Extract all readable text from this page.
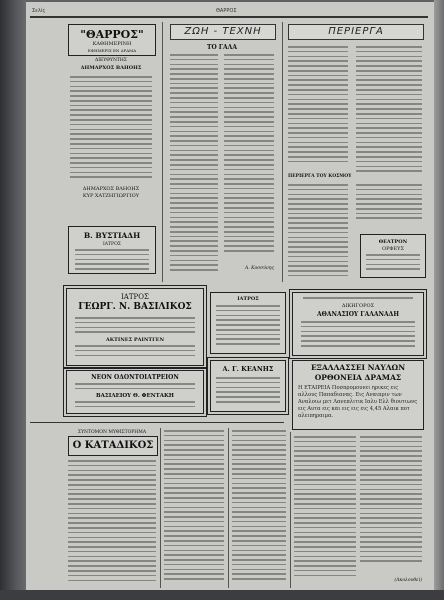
Σελίς	ΘΑΡΡΟΣ
"ΘΑΡΡΟΣ"
ΚΑΘΗΜΕΡΙΝΗ
ΕΦΗΜΕΡΙΣ ΕΝ ΔΡΑΜΑ
ΔΙΕΥΘΥΝΤΗΣ
ΔΗΜΑΡΧΟΣ ΒΛΗΟΗΣ
ΔΗΜΑΡΧΟΣ ΒΛΗΟΗΣ
ΚΥΡ ΧΑΤΖΗΓΙΩΡΓΙΟΥ
Β. ΒΥΣΤΙΑΔΗ
ΙΑΤΡΟΣ
ΖΩΗ - ΤΕΧΝΗ
ΤΟ ΓΑΛΑ
Α. Κοσσύνης
ΠΕΡΙΕΡΓΑ
ΠΕΡΙΕΡΓΑ ΤΟΥ ΚΟΣΜΟΥ
ΘΕΑΤΡΟΝ
ΟΡΦΕΥΣ
ΙΑΤΡΟΣ
ΓΕΩΡΓ. Ν. ΒΑΣΙΛΙΚΟΣ
ΑΚΤΙΝΕΣ ΡΑΙΝΤΓΕΝ
ΝΕΟΝ ΟΔΟΝΤΟΙΑΤΡΕΙΟΝ
ΒΑΣΙΛΕΙΟΥ Θ. ΦΕΝΤΑΚΗ
ΙΑΤΡΟΣ
Α. Γ. ΚΕΑΝΗΣ
ΔΙΚΗΓΟΡΟΣ
ΑΘΑΝΑΣΙΟΥ ΓΑΛΑΝΑΔΗ
ΕΞΑΛΛΑΣΣΕΙ ΝΑΥΛΩΝ
ΟΡΘΟΝΕΙΑ ΔΡΑΜΑΣ
Η ΕΤΑΙΡΕΙΑ Ποσπρομουνει ηρικες εις αλλους Παπαδιανας. Εις Αναιπριν των Αναλοιω μετ Λανεπλιτικ Ιαλυ Ελλ θιουτιωνς εις Αυτα εις και εις εις εις 4,45 Αλαικ ποτ αλειπηραιμα.
ΣΥΝΤΟΜΟΝ ΜΥΘΙΣΤΟΡΗΜΑ
Ο ΚΑΤΑΔΙΚΟΣ
(Ακολουθεί)
